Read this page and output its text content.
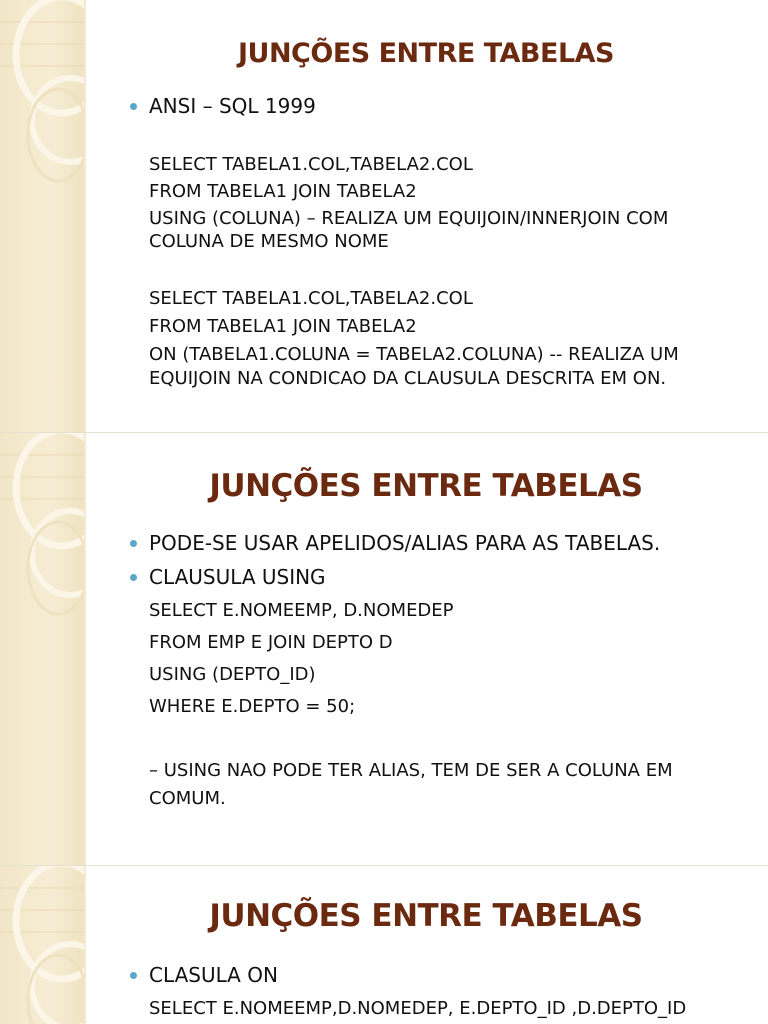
JUNÇÕES ENTRE TABELAS
ANSI – SQL 1999
SELECT TABELA1.COL,TABELA2.COL
FROM TABELA1 JOIN TABELA2
USING (COLUNA) – REALIZA UM EQUIJOIN/INNERJOIN COM
COLUNA DE MESMO NOME
SELECT TABELA1.COL,TABELA2.COL
FROM TABELA1 JOIN TABELA2
ON (TABELA1.COLUNA = TABELA2.COLUNA) -- REALIZA UM
EQUIJOIN NA CONDICAO DA CLAUSULA DESCRITA EM ON.
JUNÇÕES ENTRE TABELAS
PODE-SE USAR APELIDOS/ALIAS PARA AS TABELAS.
CLAUSULA USING
SELECT E.NOMEEMP, D.NOMEDEP
FROM EMP E JOIN DEPTO D
USING (DEPTO_ID)
WHERE E.DEPTO = 50;
– USING NAO PODE TER ALIAS, TEM DE SER A COLUNA EM
COMUM.
JUNÇÕES ENTRE TABELAS
CLASULA ON
SELECT E.NOMEEMP,D.NOMEDEP, E.DEPTO_ID ,D.DEPTO_ID
